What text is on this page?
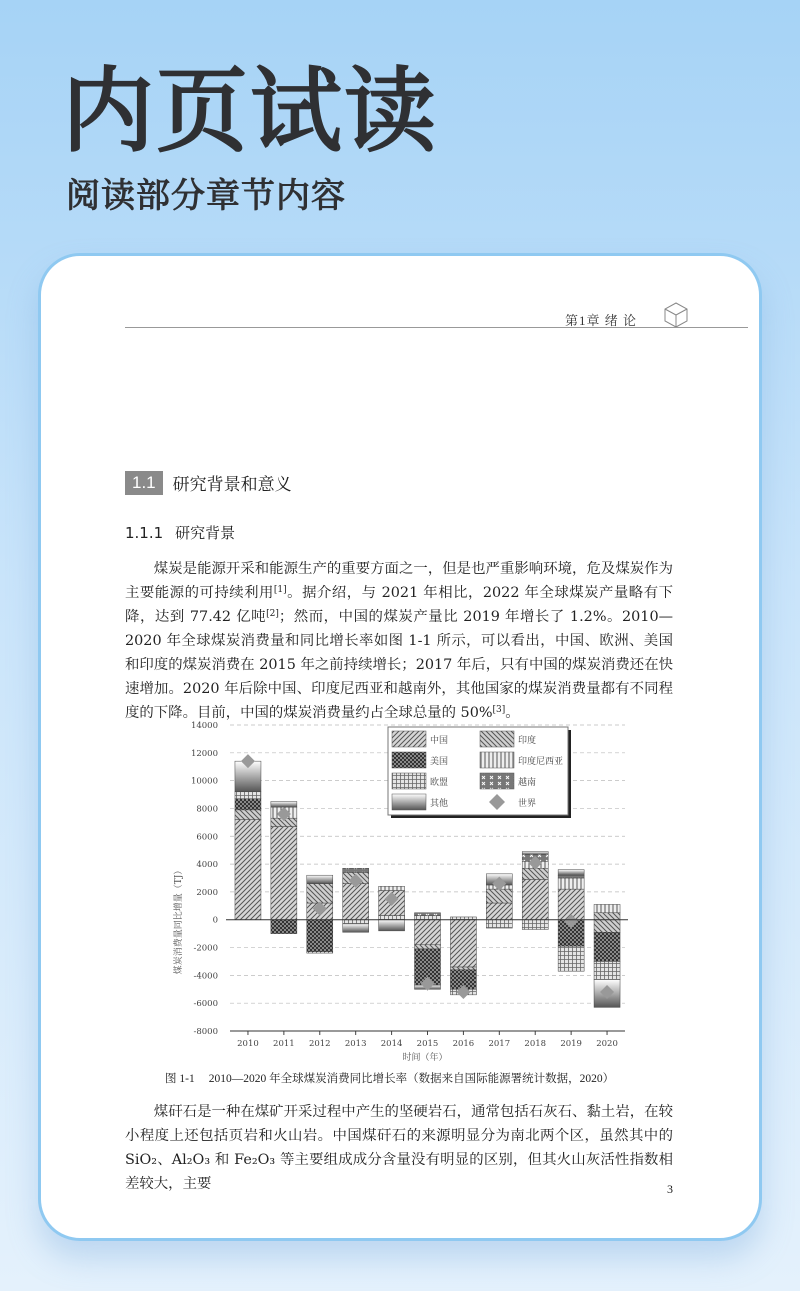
内页试读
阅读部分章节内容
第1章 绪 论
1.1	研究背景和意义
1.1.1 研究背景

煤炭是能源开采和能源生产的重要方面之一，但是也严重影响环境，危及煤炭作为主要能源的可持续利用[1]。据介绍，与 2021 年相比，2022 年全球煤炭产量略有下降，达到 77.42 亿吨[2]；然而，中国的煤炭产量比 2019 年增长了 1.2%。2010—2020 年全球煤炭消费量和同比增长率如图 1-1 所示，可以看出，中国、欧洲、美国和印度的煤炭消费在 2015 年之前持续增长；2017 年后，只有中国的煤炭消费还在快速增加。2020 年后除中国、印度尼西亚和越南外，其他国家的煤炭消费量都有不同程度的下降。目前，中国的煤炭消费量约占全球总量的 50%[3]。

14000
12000
10000
8000
6000
4000
2000
0
-2000
-4000
-6000
-8000
2010 2011 2012 2013 2014 2015 2016 2017 2018 2019 2020
中国	印度
美国	印度尼西亚
欧盟	越南
其他	世界
煤炭消费量同比增量（TJ）
时间（年）
图 1-1 2010—2020 年全球煤炭消费同比增长率（数据来自国际能源署统计数据，2020）

煤矸石是一种在煤矿开采过程中产生的坚硬岩石，通常包括石灰石、黏土岩，在较小程度上还包括页岩和火山岩。中国煤矸石的来源明显分为南北两个区，虽然其中的 SiO₂、Al₂O₃ 和 Fe₂O₃ 等主要组成成分含量没有明显的区别，但其火山灰活性指数相差较大，主要	3
